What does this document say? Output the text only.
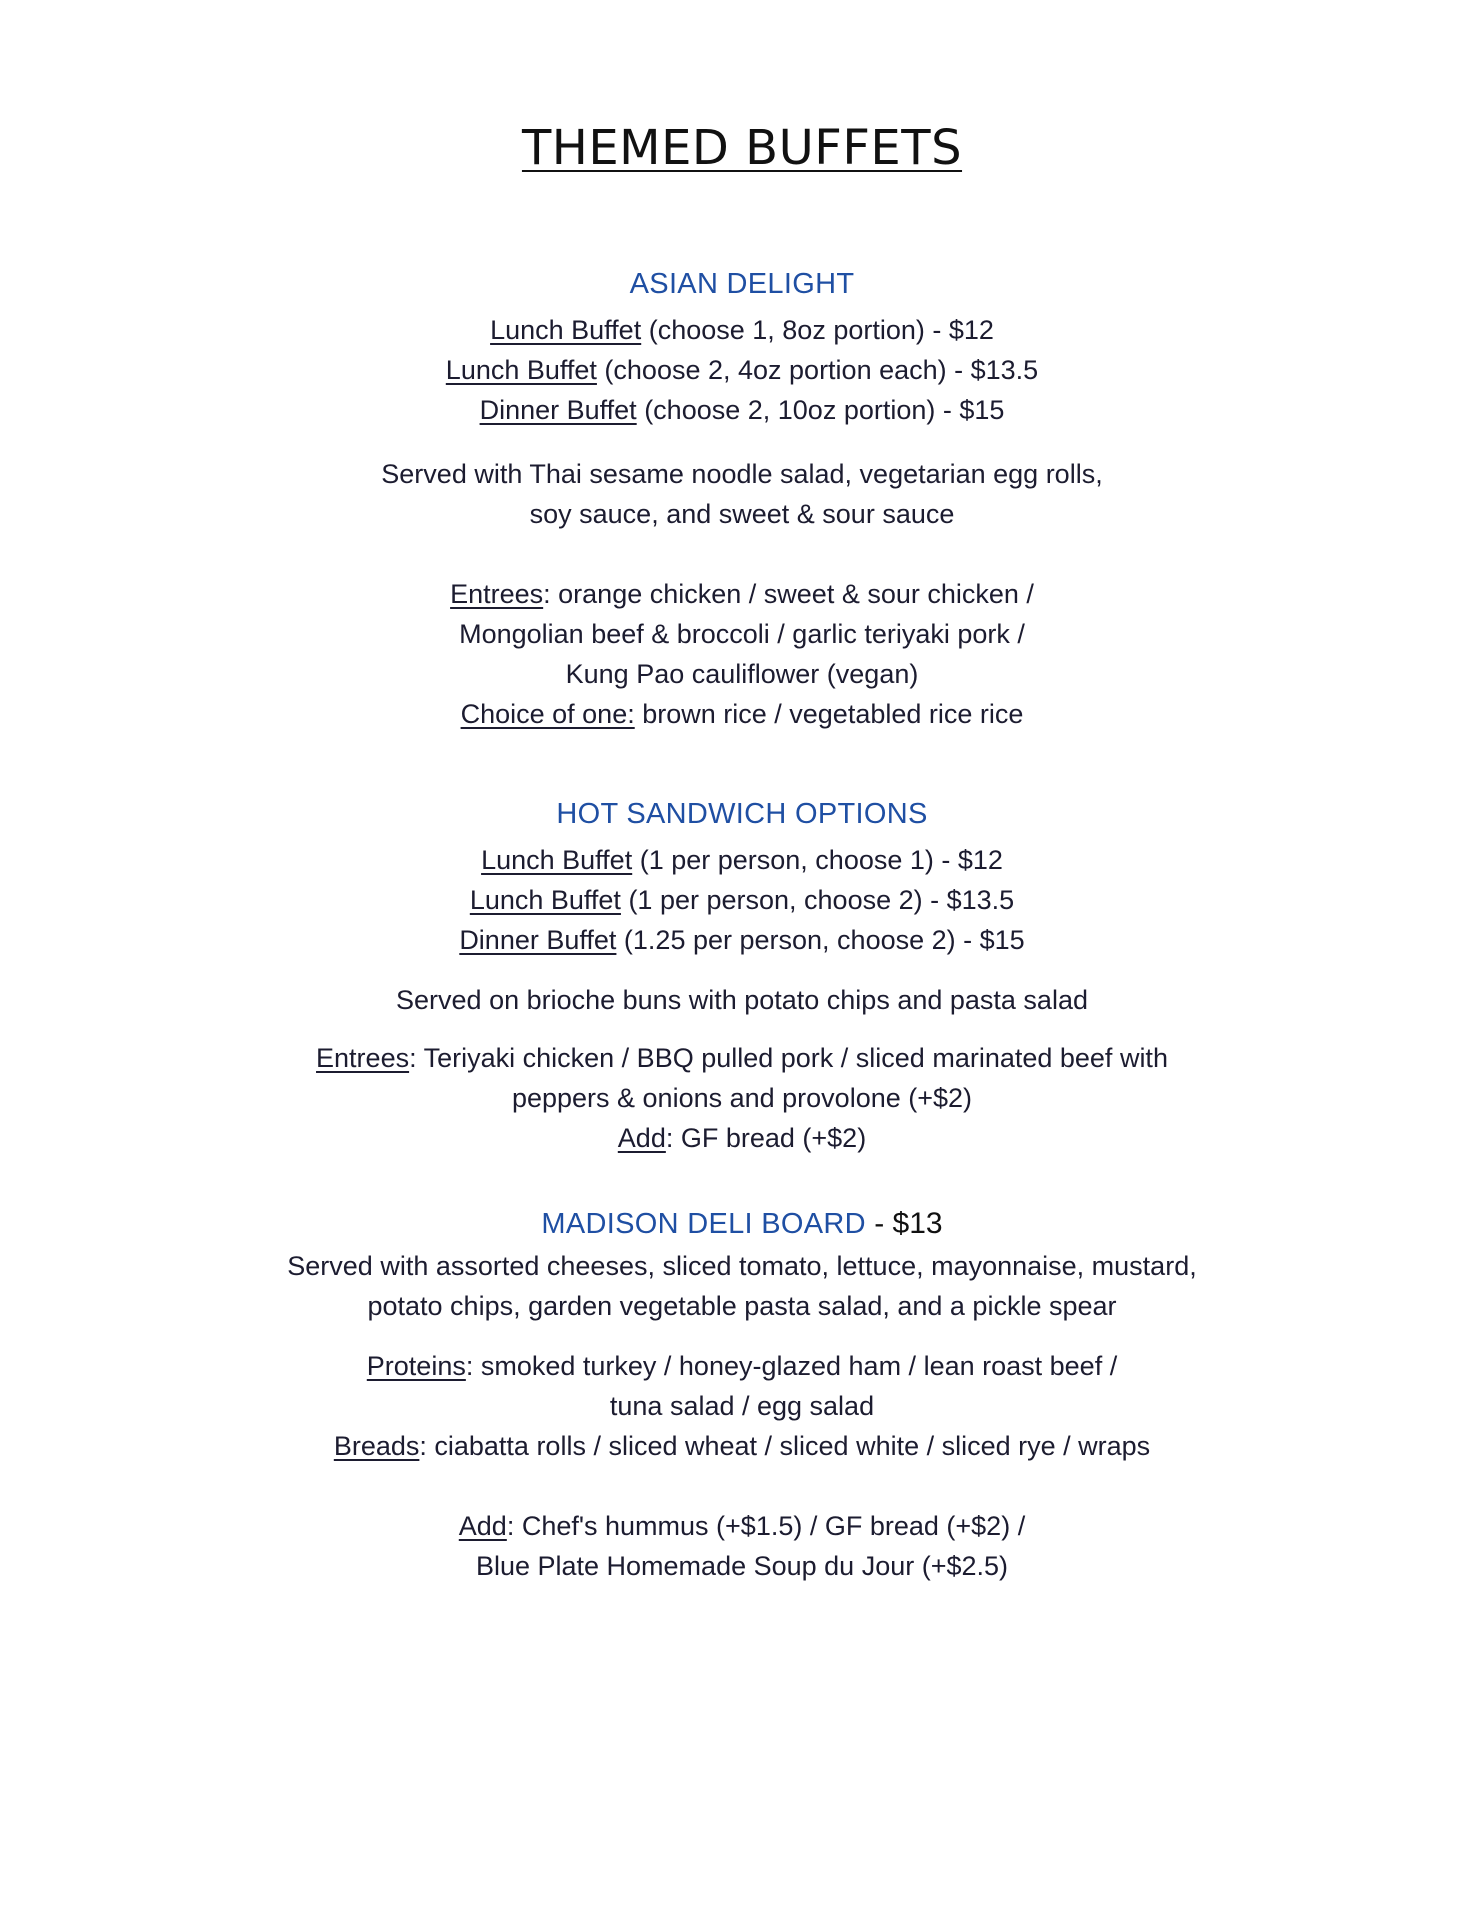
THEMED BUFFETS
ASIAN DELIGHT
Lunch Buffet (choose 1, 8oz portion) - $12
Lunch Buffet (choose 2, 4oz portion each) - $13.5
Dinner Buffet (choose 2, 10oz portion) - $15
Served with Thai sesame noodle salad, vegetarian egg rolls,
soy sauce, and sweet & sour sauce
Entrees: orange chicken / sweet & sour chicken /
Mongolian beef & broccoli / garlic teriyaki pork /
Kung Pao cauliflower (vegan)
Choice of one: brown rice / vegetabled rice rice
HOT SANDWICH OPTIONS
Lunch Buffet (1 per person, choose 1) - $12
Lunch Buffet (1 per person, choose 2) - $13.5
Dinner Buffet (1.25 per person, choose 2) - $15
Served on brioche buns with potato chips and pasta salad
Entrees: Teriyaki chicken / BBQ pulled pork / sliced marinated beef with
peppers & onions and provolone (+$2)
Add: GF bread (+$2)
MADISON DELI BOARD - $13
Served with assorted cheeses, sliced tomato, lettuce, mayonnaise, mustard,
potato chips, garden vegetable pasta salad, and a pickle spear
Proteins: smoked turkey / honey-glazed ham / lean roast beef /
tuna salad / egg salad
Breads: ciabatta rolls / sliced wheat / sliced white / sliced rye / wraps
Add: Chef's hummus (+$1.5) / GF bread (+$2) /
Blue Plate Homemade Soup du Jour (+$2.5)
